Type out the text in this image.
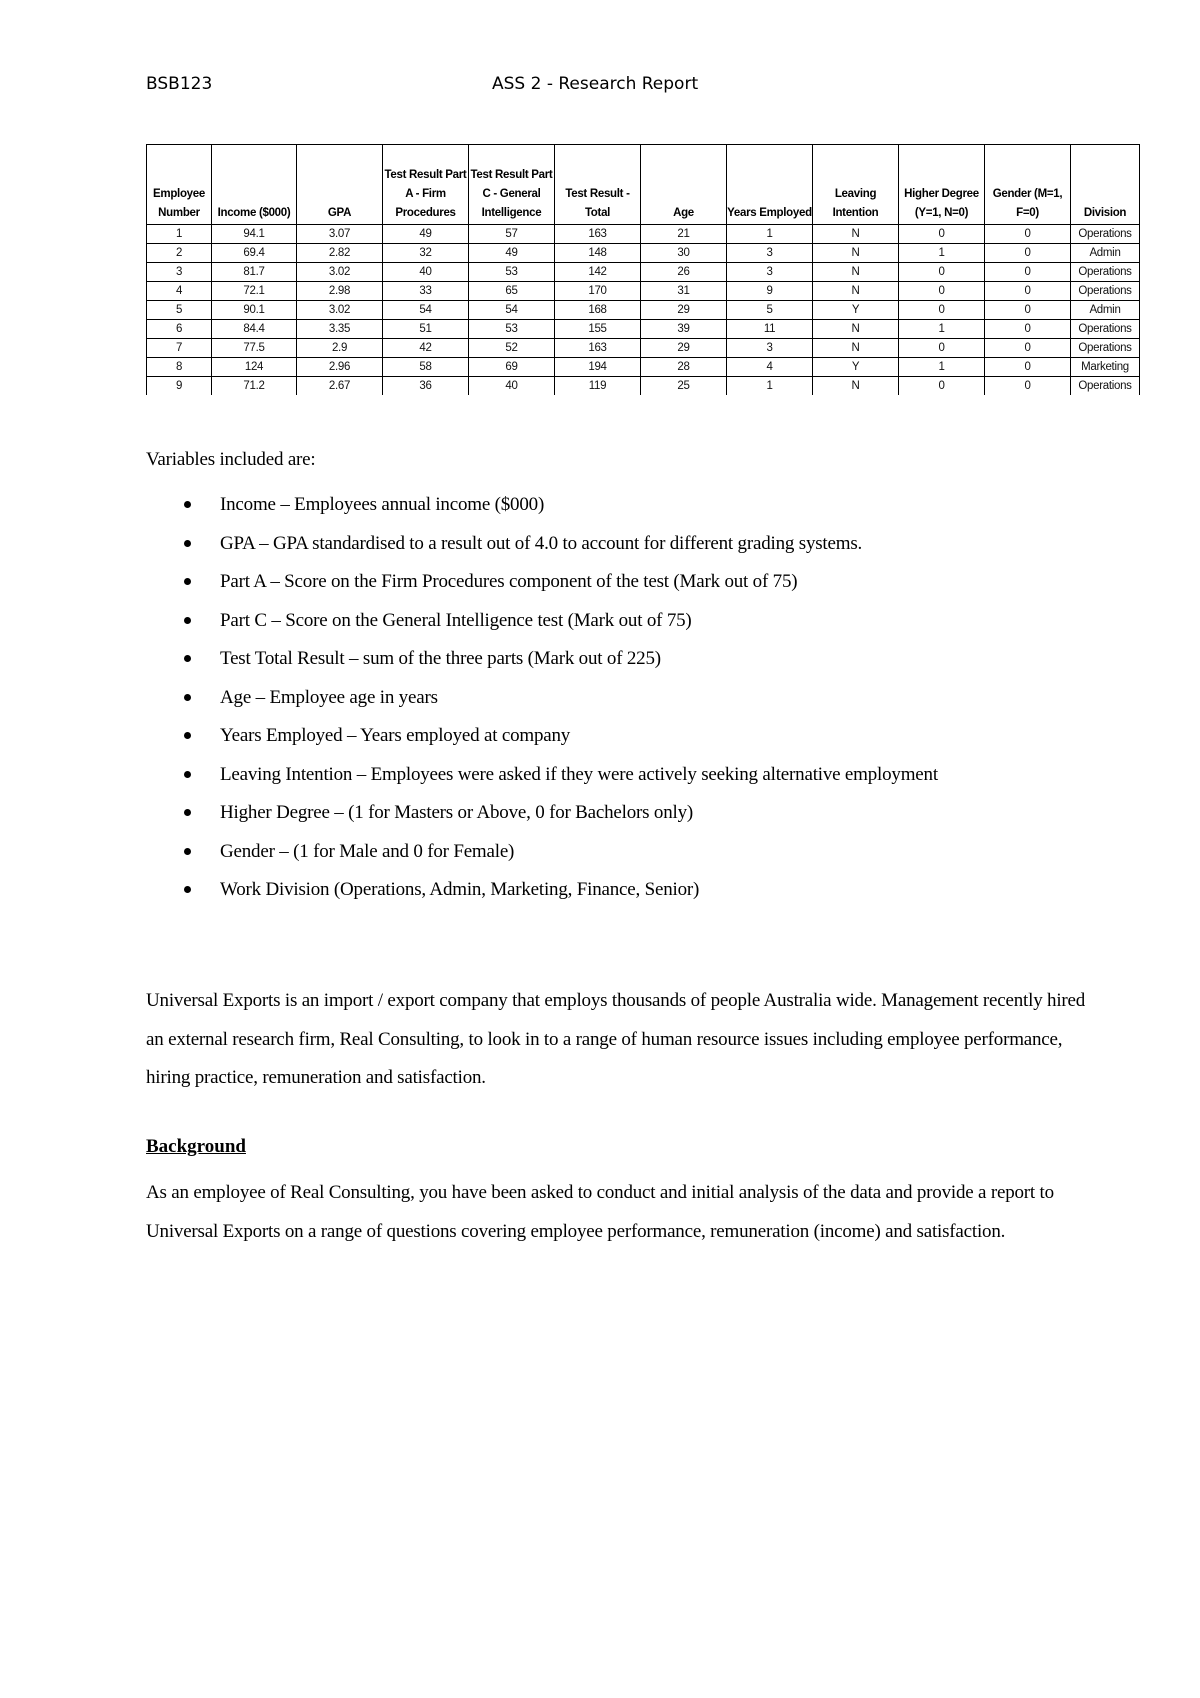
BSB123	ASS 2 - Research Report
Employee Number	Income ($000)	GPA	Test Result Part A - Firm Procedures	Test Result Part C - General Intelligence	Test Result - Total	Age	Years Employed	Leaving Intention	Higher Degree (Y=1, N=0)	Gender (M=1, F=0)	Division
1	94.1	3.07	49	57	163	21	1	N	0	0	Operations
2	69.4	2.82	32	49	148	30	3	N	1	0	Admin
3	81.7	3.02	40	53	142	26	3	N	0	0	Operations
4	72.1	2.98	33	65	170	31	9	N	0	0	Operations
5	90.1	3.02	54	54	168	29	5	Y	0	0	Admin
6	84.4	3.35	51	53	155	39	11	N	1	0	Operations
7	77.5	2.9	42	52	163	29	3	N	0	0	Operations
8	124	2.96	58	69	194	28	4	Y	1	0	Marketing
9	71.2	2.67	36	40	119	25	1	N	0	0	Operations
Variables included are:
Income – Employees annual income ($000)
GPA – GPA standardised to a result out of 4.0 to account for different grading systems.
Part A – Score on the Firm Procedures component of the test (Mark out of 75)
Part C – Score on the General Intelligence test (Mark out of 75)
Test Total Result – sum of the three parts (Mark out of 225)
Age – Employee age in years
Years Employed – Years employed at company
Leaving Intention – Employees were asked if they were actively seeking alternative employment
Higher Degree – (1 for Masters or Above, 0 for Bachelors only)
Gender – (1 for Male and 0 for Female)
Work Division (Operations, Admin, Marketing, Finance, Senior)

Universal Exports is an import / export company that employs thousands of people Australia wide. Management recently hired an external research firm, Real Consulting, to look in to a range of human resource issues including employee performance, hiring practice, remuneration and satisfaction.

Background

As an employee of Real Consulting, you have been asked to conduct and initial analysis of the data and provide a report to Universal Exports on a range of questions covering employee performance, remuneration (income) and satisfaction.
